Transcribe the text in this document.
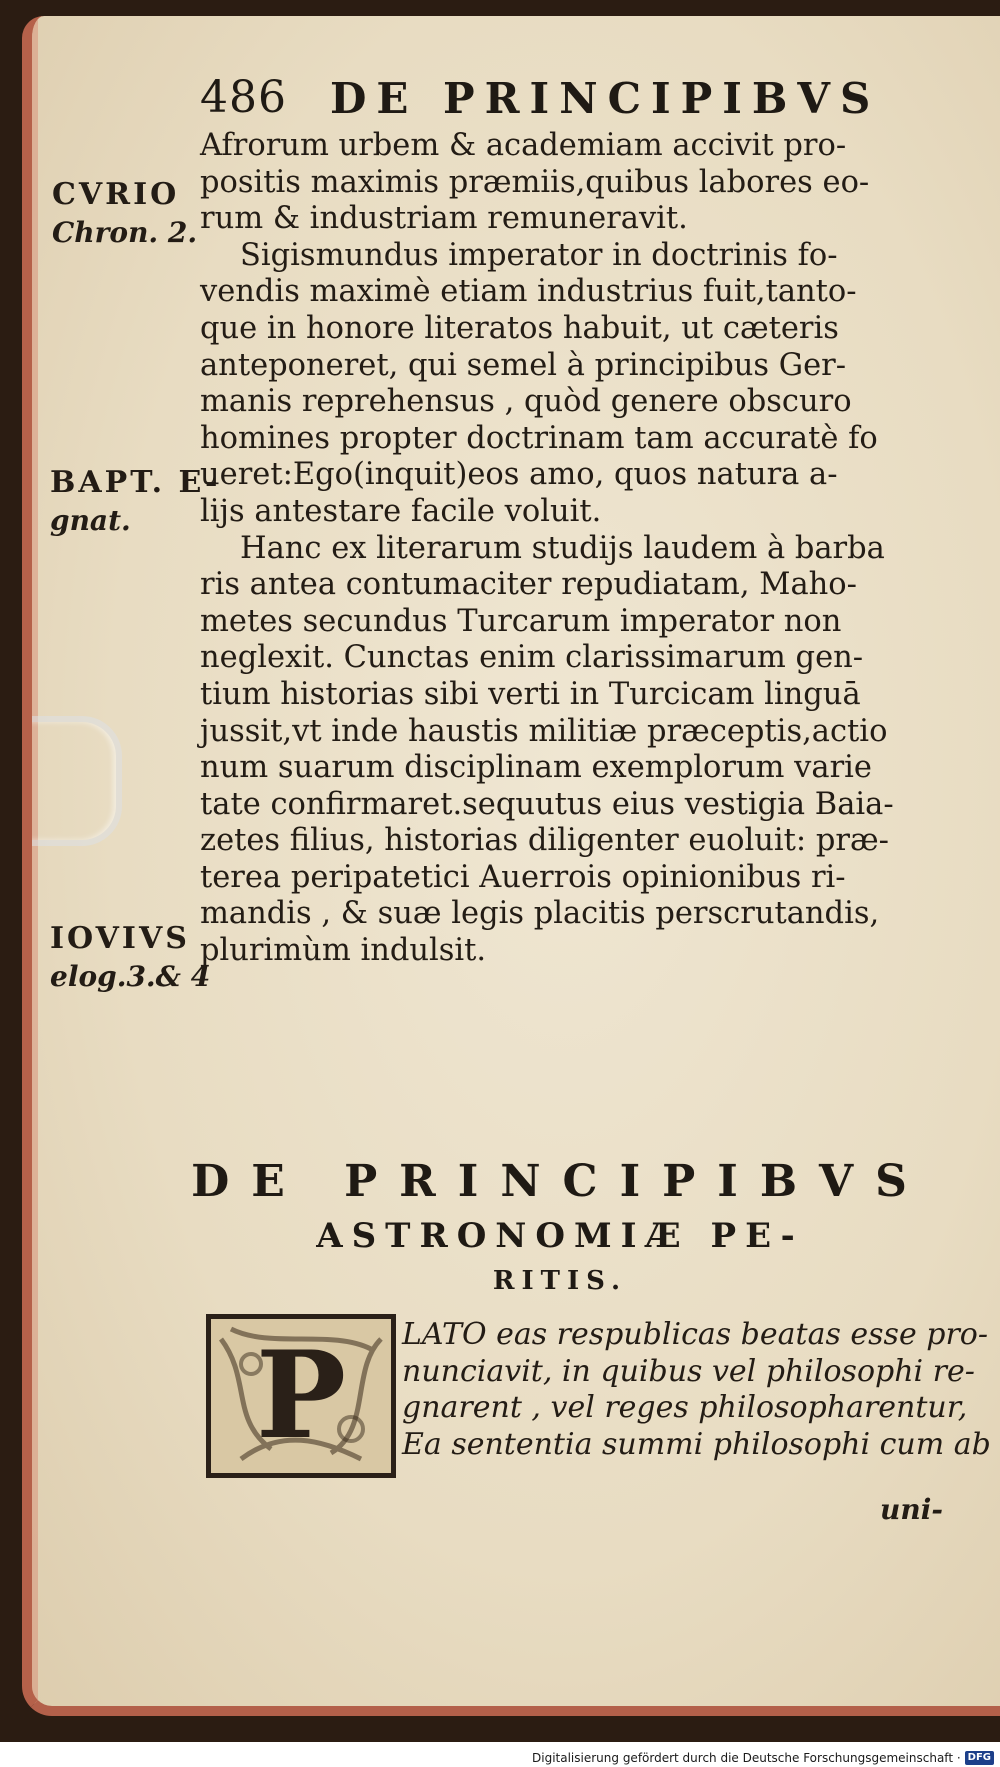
486 DE PRINCIPIBVS
Afrorum urbem & academiam accivit pro-
positis maximis præmiis,quibus labores eo-
rum & industriam remuneravit.
Sigismundus imperator in doctrinis fo-
vendis maximè etiam industrius fuit,tanto-
que in honore literatos habuit, ut cæteris
anteponeret, qui semel à principibus Ger-
manis reprehensus , quòd genere obscuro
homines propter doctrinam tam accuratè fo
ueret:Ego(inquit)eos amo, quos natura a-
lijs antestare facile voluit.
Hanc ex literarum studijs laudem à barba
ris antea contumaciter repudiatam, Maho-
metes secundus Turcarum imperator non
neglexit. Cunctas enim clarissimarum gen-
tium historias sibi verti in Turcicam linguā
jussit,vt inde haustis militiæ præceptis,actio
num suarum disciplinam exemplorum varie
tate confirmaret.sequutus eius vestigia Baia-
zetes filius, historias diligenter euoluit: præ-
terea peripatetici Auerrois opinionibus ri-
mandis , & suæ legis placitis perscrutandis,
plurimùm indulsit.
CVRIO
Chron. 2.
BAPT. E-
gnat.
IOVIVS
elog.3.& 4
DE PRINCIPIBVS
ASTRONOMIÆ PE-
RITIS.
P LATO eas respublicas beatas esse pro-
nunciavit, in quibus vel philosophi re-
gnarent , vel reges philosopharentur,
Ea sententia summi philosophi cum ab
uni-
Digitalisierung gefördert durch die Deutsche Forschungsgemeinschaft · DFG
